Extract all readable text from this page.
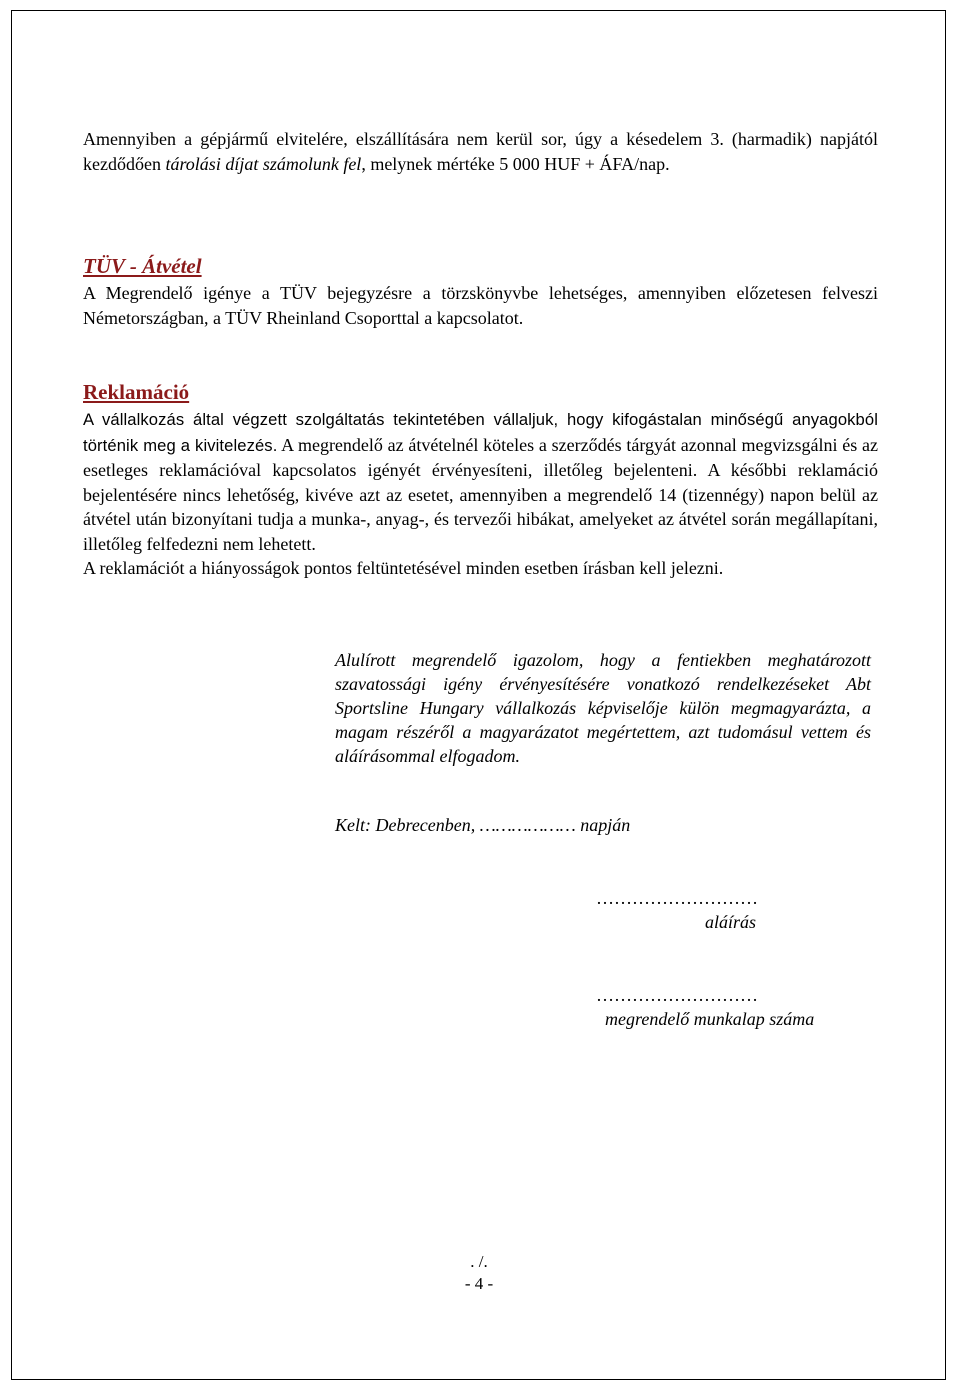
Amennyiben a gépjármű elvitelére, elszállítására nem kerül sor, úgy a késedelem 3. (harmadik) napjától kezdődően tárolási díjat számolunk fel, melynek mértéke 5 000 HUF + ÁFA/nap.

TÜV - Átvétel

A Megrendelő igénye a TÜV bejegyzésre a törzskönyvbe lehetséges, amennyiben előzetesen felveszi Németországban, a TÜV Rheinland Csoporttal a kapcsolatot.

Reklamáció

A vállalkozás által végzett szolgáltatás tekintetében vállaljuk, hogy kifogástalan minőségű anyagokból történik meg a kivitelezés. A megrendelő az átvételnél köteles a szerződés tárgyát azonnal megvizsgálni és az esetleges reklamációval kapcsolatos igényét érvényesíteni, illetőleg bejelenteni. A későbbi reklamáció bejelentésére nincs lehetőség, kivéve azt az esetet, amennyiben a megrendelő 14 (tizennégy) napon belül az átvétel után bizonyítani tudja a munka-, anyag-, és tervezői hibákat, amelyeket az átvétel során megállapítani, illetőleg felfedezni nem lehetett.

A reklamációt a hiányosságok pontos feltüntetésével minden esetben írásban kell jelezni.

Alulírott megrendelő igazolom, hogy a fentiekben meghatározott szavatossági igény érvényesítésére vonatkozó rendelkezéseket Abt Sportsline Hungary vállalkozás képviselője külön megmagyarázta, a magam részéről a magyarázatot megértettem, azt tudomásul vettem és aláírásommal elfogadom.

Kelt: Debrecenben, ……………… napján
………………………
aláírás
………………………
megrendelő munkalap száma
. /.
- 4 -
